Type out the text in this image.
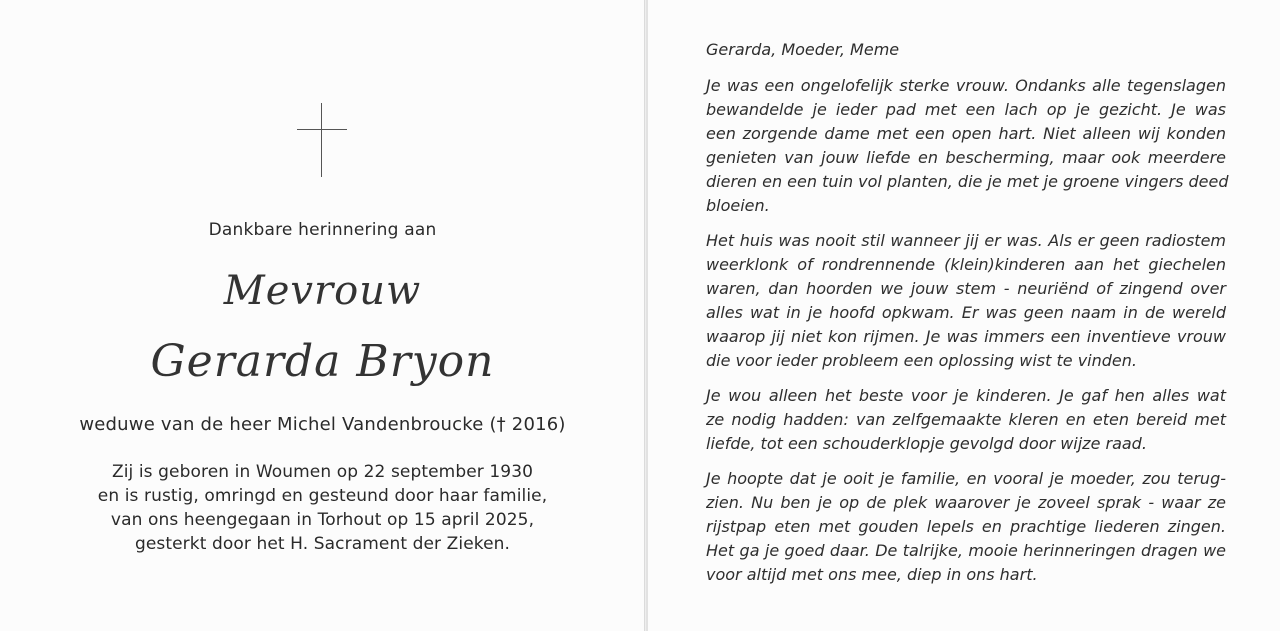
Dankbare herinnering aan
Mevrouw
Gerarda Bryon
weduwe van de heer Michel Vandenbroucke († 2016)
Zij is geboren in Woumen op 22 september 1930
en is rustig, omringd en gesteund door haar familie,
van ons heengegaan in Torhout op 15 april 2025,
gesterkt door het H. Sacrament der Zieken.
Gerarda, Moeder, Meme
Je was een ongelofelijk sterke vrouw. Ondanks alle tegenslagen
bewandelde je ieder pad met een lach op je gezicht. Je was
een zorgende dame met een open hart. Niet alleen wij konden
genieten van jouw liefde en bescherming, maar ook meerdere
dieren en een tuin vol planten, die je met je groene vingers deed
bloeien.
Het huis was nooit stil wanneer jij er was. Als er geen radiostem
weerklonk of rondrennende (klein)kinderen aan het giechelen
waren, dan hoorden we jouw stem - neuriënd of zingend over
alles wat in je hoofd opkwam. Er was geen naam in de wereld
waarop jij niet kon rijmen. Je was immers een inventieve vrouw
die voor ieder probleem een oplossing wist te vinden.
Je wou alleen het beste voor je kinderen. Je gaf hen alles wat
ze nodig hadden: van zelfgemaakte kleren en eten bereid met
liefde, tot een schouderklopje gevolgd door wijze raad.
Je hoopte dat je ooit je familie, en vooral je moeder, zou terug-
zien. Nu ben je op de plek waarover je zoveel sprak - waar ze
rijstpap eten met gouden lepels en prachtige liederen zingen.
Het ga je goed daar. De talrijke, mooie herinneringen dragen we
voor altijd met ons mee, diep in ons hart.
